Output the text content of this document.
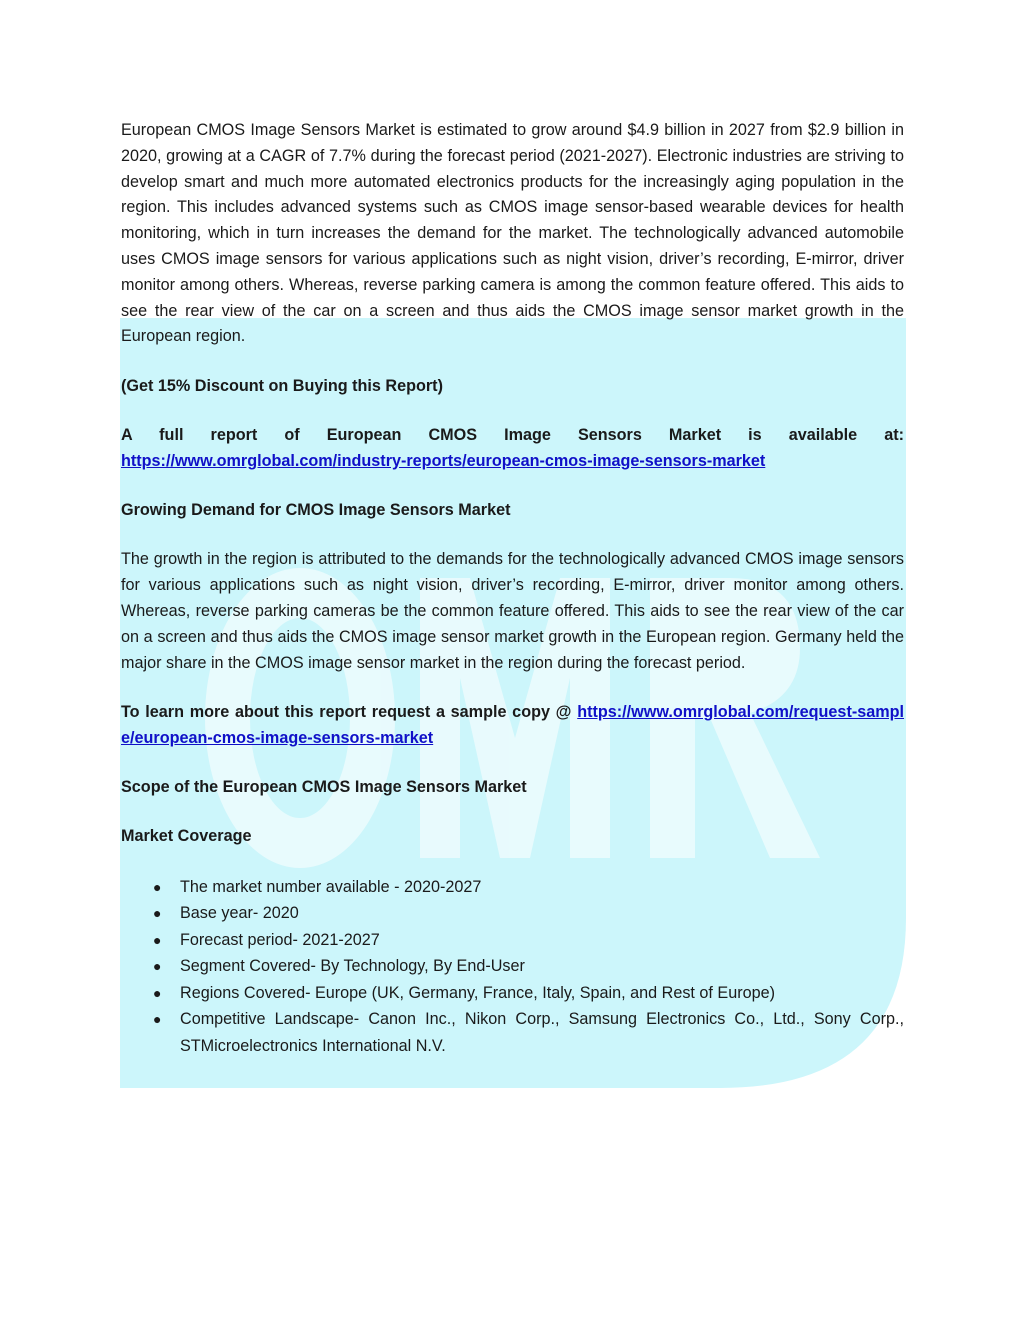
European CMOS Image Sensors Market is estimated to grow around $4.9 billion in 2027 from $2.9 billion in 2020, growing at a CAGR of 7.7% during the forecast period (2021-2027). Electronic industries are striving to develop smart and much more automated electronics products for the increasingly aging population in the region. This includes advanced systems such as CMOS image sensor-based wearable devices for health monitoring, which in turn increases the demand for the market. The technologically advanced automobile uses CMOS image sensors for various applications such as night vision, driver’s recording, E-mirror, driver monitor among others. Whereas, reverse parking camera is among the common feature offered. This aids to see the rear view of the car on a screen and thus aids the CMOS image sensor market growth in the European region.

(Get 15% Discount on Buying this Report)

A full report of European CMOS Image Sensors Market is available at:
https://www.omrglobal.com/industry-reports/european-cmos-image-sensors-market

Growing Demand for CMOS Image Sensors Market

The growth in the region is attributed to the demands for the technologically advanced CMOS image sensors for various applications such as night vision, driver’s recording, E-mirror, driver monitor among others. Whereas, reverse parking cameras be the common feature offered. This aids to see the rear view of the car on a screen and thus aids the CMOS image sensor market growth in the European region. Germany held the major share in the CMOS image sensor market in the region during the forecast period.

To learn more about this report request a sample copy @ https://www.omrglobal.com/request-sample/european-cmos-image-sensors-market

Scope of the European CMOS Image Sensors Market

Market Coverage

● The market number available - 2020-2027
● Base year- 2020
● Forecast period- 2021-2027
● Segment Covered- By Technology, By End-User
● Regions Covered- Europe (UK, Germany, France, Italy, Spain, and Rest of Europe)
● Competitive Landscape- Canon Inc., Nikon Corp., Samsung Electronics Co., Ltd., Sony Corp., STMicroelectronics International N.V.
